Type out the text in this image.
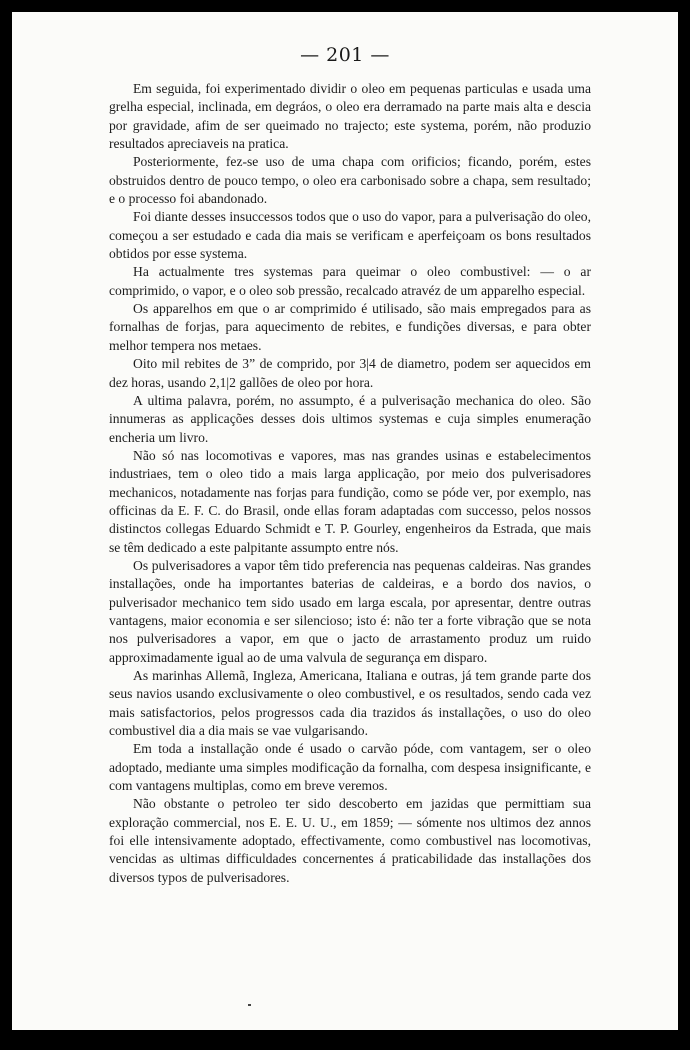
— 201 —

Em seguida, foi experimentado dividir o oleo em pequenas particulas e usada uma grelha especial, inclinada, em degráos, o oleo era derramado na parte mais alta e descia por gravidade, afim de ser queimado no trajecto; este systema, porém, não produzio resultados apreciaveis na pratica.

Posteriormente, fez-se uso de uma chapa com orificios; ficando, porém, estes obstruidos dentro de pouco tempo, o oleo era carbonisado sobre a chapa, sem resultado; e o processo foi abandonado.

Foi diante desses insuccessos todos que o uso do vapor, para a pulverisação do oleo, começou a ser estudado e cada dia mais se verificam e aperfeiçoam os bons resultados obtidos por esse systema.

Ha actualmente tres systemas para queimar o oleo combustivel: — o ar comprimido, o vapor, e o oleo sob pressão, recalcado atravéz de um apparelho especial.

Os apparelhos em que o ar comprimido é utilisado, são mais empregados para as fornalhas de forjas, para aquecimento de rebites, e fundições diversas, e para obter melhor tempera nos metaes.

Oito mil rebites de 3” de comprido, por 3|4 de diametro, podem ser aquecidos em dez horas, usando 2,1|2 gallões de oleo por hora.

A ultima palavra, porém, no assumpto, é a pulverisação mechanica do oleo. São innumeras as applicações desses dois ultimos systemas e cuja simples enumeração encheria um livro.

Não só nas locomotivas e vapores, mas nas grandes usinas e estabelecimentos industriaes, tem o oleo tido a mais larga applicação, por meio dos pulverisadores mechanicos, notadamente nas forjas para fundição, como se póde ver, por exemplo, nas officinas da E. F. C. do Brasil, onde ellas foram adaptadas com successo, pelos nossos distinctos collegas Eduardo Schmidt e T. P. Gourley, engenheiros da Estrada, que mais se têm dedicado a este palpitante assumpto entre nós.

Os pulverisadores a vapor têm tido preferencia nas pequenas caldeiras. Nas grandes installações, onde ha importantes baterias de caldeiras, e a bordo dos navios, o pulverisador mechanico tem sido usado em larga escala, por apresentar, dentre outras vantagens, maior economia e ser silencioso; isto é: não ter a forte vibração que se nota nos pulverisadores a vapor, em que o jacto de arrastamento produz um ruido approximadamente igual ao de uma valvula de segurança em disparo.

As marinhas Allemã, Ingleza, Americana, Italiana e outras, já tem grande parte dos seus navios usando exclusivamente o oleo combustivel, e os resultados, sendo cada vez mais satisfactorios, pelos progressos cada dia trazidos ás installações, o uso do oleo combustivel dia a dia mais se vae vulgarisando.

Em toda a installação onde é usado o carvão póde, com vantagem, ser o oleo adoptado, mediante uma simples modificação da fornalha, com despesa insignificante, e com vantagens multiplas, como em breve veremos.

Não obstante o petroleo ter sido descoberto em jazidas que permittiam sua exploração commercial, nos E. E. U. U., em 1859; — sómente nos ultimos dez annos foi elle intensivamente adoptado, effectivamente, como combustivel nas locomotivas, vencidas as ultimas difficuldades concernentes á praticabilidade das installações dos diversos typos de pulverisadores.
